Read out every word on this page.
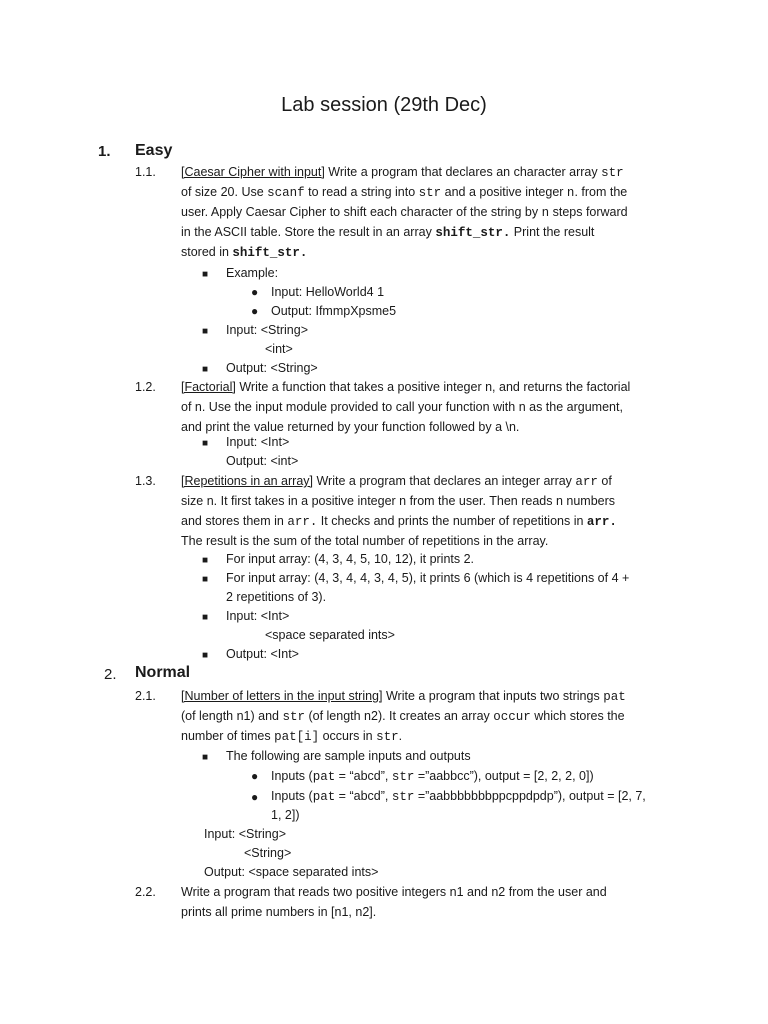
Lab session (29th Dec)
1. Easy
1.1. [Caesar Cipher with input] Write a program that declares an character array str
of size 20. Use scanf to read a string into str and a positive integer n. from the
user. Apply Caesar Cipher to shift each character of the string by n steps forward
in the ASCII table. Store the result in an array shift_str. Print the result
stored in shift_str.
■ Example:
● Input: HelloWorld4 1
● Output: IfmmpXpsme5
■ Input: <String>
<int>
■ Output: <String>
1.2. [Factorial] Write a function that takes a positive integer n, and returns the factorial
of n. Use the input module provided to call your function with n as the argument,
and print the value returned by your function followed by a \n.
■ Input: <Int>
Output: <int>
1.3. [Repetitions in an array] Write a program that declares an integer array arr of
size n. It first takes in a positive integer n from the user. Then reads n numbers
and stores them in arr. It checks and prints the number of repetitions in arr.
The result is the sum of the total number of repetitions in the array.
■ For input array: (4, 3, 4, 5, 10, 12), it prints 2.
■ For input array: (4, 3, 4, 4, 3, 4, 5), it prints 6 (which is 4 repetitions of 4 +
2 repetitions of 3).
■ Input: <Int>
<space separated ints>
■ Output: <Int>
2. Normal
2.1. [Number of letters in the input string] Write a program that inputs two strings pat
(of length n1) and str (of length n2). It creates an array occur which stores the
number of times pat[i] occurs in str.
■ The following are sample inputs and outputs
● Inputs (pat = “abcd”, str =”aabbcc”), output = [2, 2, 2, 0])
● Inputs (pat = “abcd”, str =”aabbbbbbbppcppdpdp”), output = [2, 7,
1, 2])
Input: <String>
<String>
Output: <space separated ints>
2.2. Write a program that reads two positive integers n1 and n2 from the user and
prints all prime numbers in [n1, n2].
